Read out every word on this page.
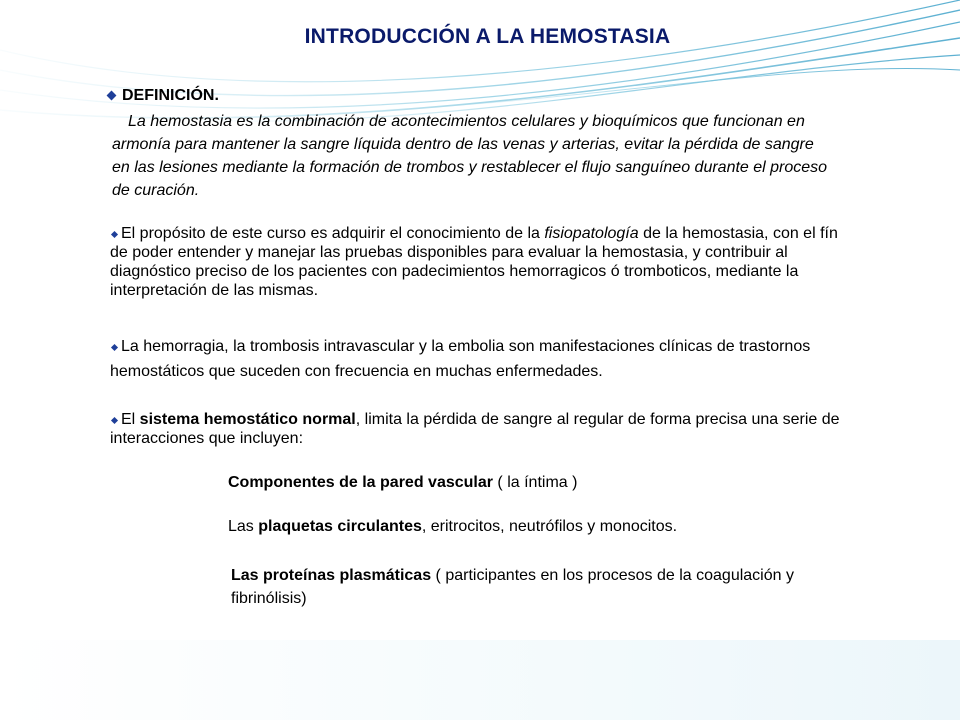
INTRODUCCIÓN A LA HEMOSTASIA
DEFINICIÓN.
La hemostasia es la combinación de acontecimientos celulares y bioquímicos que funcionan en
armonía para mantener la sangre líquida dentro de las venas y arterias, evitar la pérdida de sangre
en las lesiones mediante la formación de trombos y restablecer el flujo sanguíneo durante el proceso
de curación.
El propósito de este curso es adquirir el conocimiento de la fisiopatología de la hemostasia, con el fín
de poder entender y manejar las pruebas disponibles para evaluar la hemostasia, y contribuir al
diagnóstico preciso de los pacientes con padecimientos hemorragicos ó tromboticos, mediante la
interpretación de las mismas.
La hemorragia, la trombosis intravascular y la embolia son manifestaciones clínicas de trastornos
hemostáticos que suceden con frecuencia en muchas enfermedades.
El sistema hemostático normal, limita la pérdida de sangre al regular de forma precisa una serie de
interacciones que incluyen:
Componentes de la pared vascular ( la íntima )
Las plaquetas circulantes, eritrocitos, neutrófilos y monocitos.
Las proteínas plasmáticas ( participantes en los procesos de la coagulación y
fibrinólisis)
